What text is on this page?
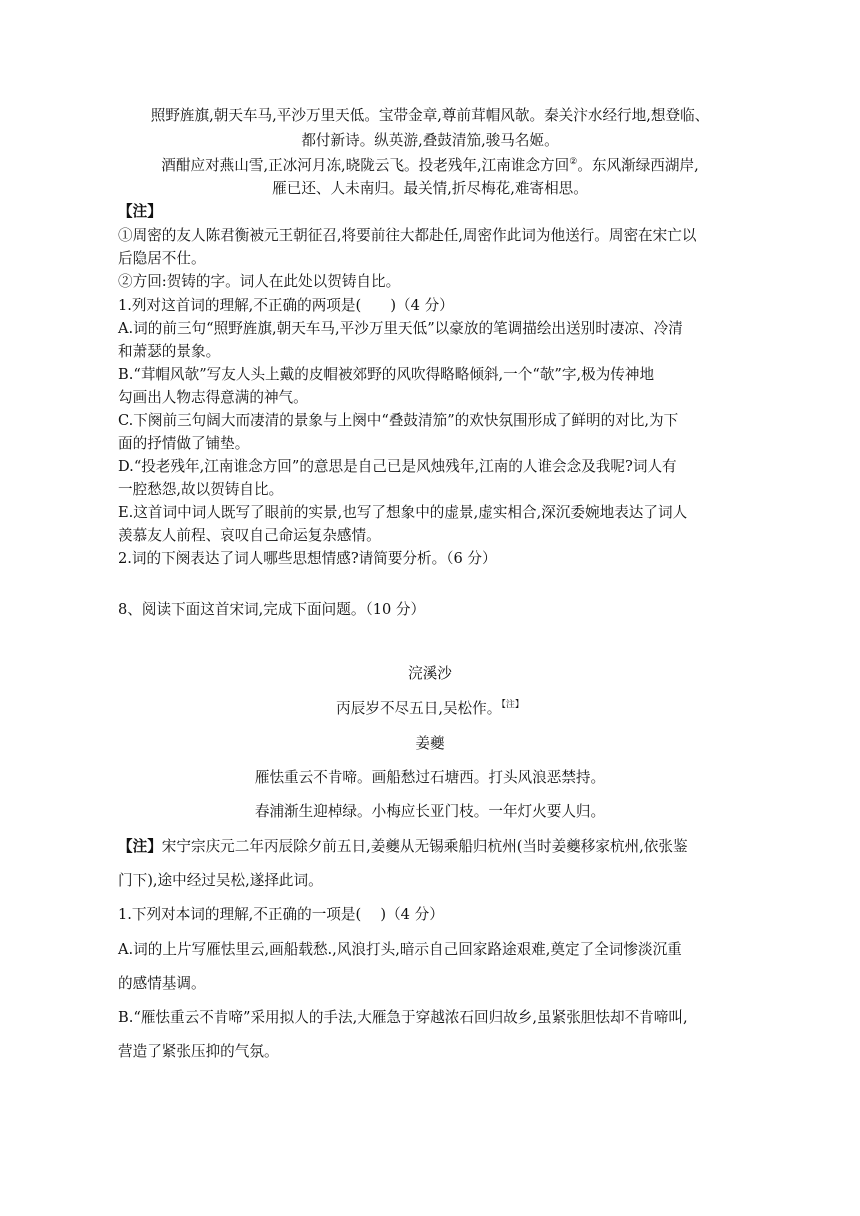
照野旌旗,朝天车马,平沙万里天低。宝带金章,尊前茸帽风欹。秦关汴水经行地,想登临、
都付新诗。纵英游,叠鼓清笳,骏马名姬。
酒酣应对燕山雪,正冰河月冻,晓陇云飞。投老残年,江南谁念方回②。东风渐绿西湖岸,
雁已还、人未南归。最关情,折尽梅花,难寄相思。
【注】
①周密的友人陈君衡被元王朝征召,将要前往大都赴任,周密作此词为他送行。周密在宋亡以
后隐居不仕。
②方回:贺铸的字。词人在此处以贺铸自比。
1.列对这首词的理解,不正确的两项是(　　)（4 分）
A.词的前三句“照野旌旗,朝天车马,平沙万里天低”以豪放的笔调描绘出送别时凄凉、冷清
和萧瑟的景象。
B.“茸帽风欹”写友人头上戴的皮帽被郊野的风吹得略略倾斜,一个“欹”字,极为传神地
勾画出人物志得意满的神气。
C.下阕前三句阔大而凄清的景象与上阕中“叠鼓清笳”的欢快氛围形成了鲜明的对比,为下
面的抒情做了铺垫。
D.“投老残年,江南谁念方回”的意思是自己已是风烛残年,江南的人谁会念及我呢?词人有
一腔愁怨,故以贺铸自比。
E.这首词中词人既写了眼前的实景,也写了想象中的虚景,虚实相合,深沉委婉地表达了词人
羡慕友人前程、哀叹自己命运复杂感情。
2.词的下阕表达了词人哪些思想情感?请简要分析。（6 分）
8、阅读下面这首宋词,完成下面问题。（10 分）
浣溪沙
丙辰岁不尽五日,吴松作。$^{【注】}$
姜夔
雁怯重云不肯啼。画船愁过石塘西。打头风浪恶禁持。
春浦渐生迎棹绿。小梅应长亚门枝。一年灯火要人归。
【注】宋宁宗庆元二年丙辰除夕前五日,姜夔从无锡乘船归杭州(当时姜夔移家杭州,依张鉴
门下),途中经过吴松,遂择此词。
1.下列对本词的理解,不正确的一项是(　 )（4 分）
A.词的上片写雁怯里云,画船载愁.,风浪打头,暗示自己回家路途艰难,奠定了全词惨淡沉重
的感情基调。
B.“雁怯重云不肯啼”采用拟人的手法,大雁急于穿越浓石回归故乡,虽紧张胆怯却不肯啼叫,
营造了紧张压抑的气氛。
